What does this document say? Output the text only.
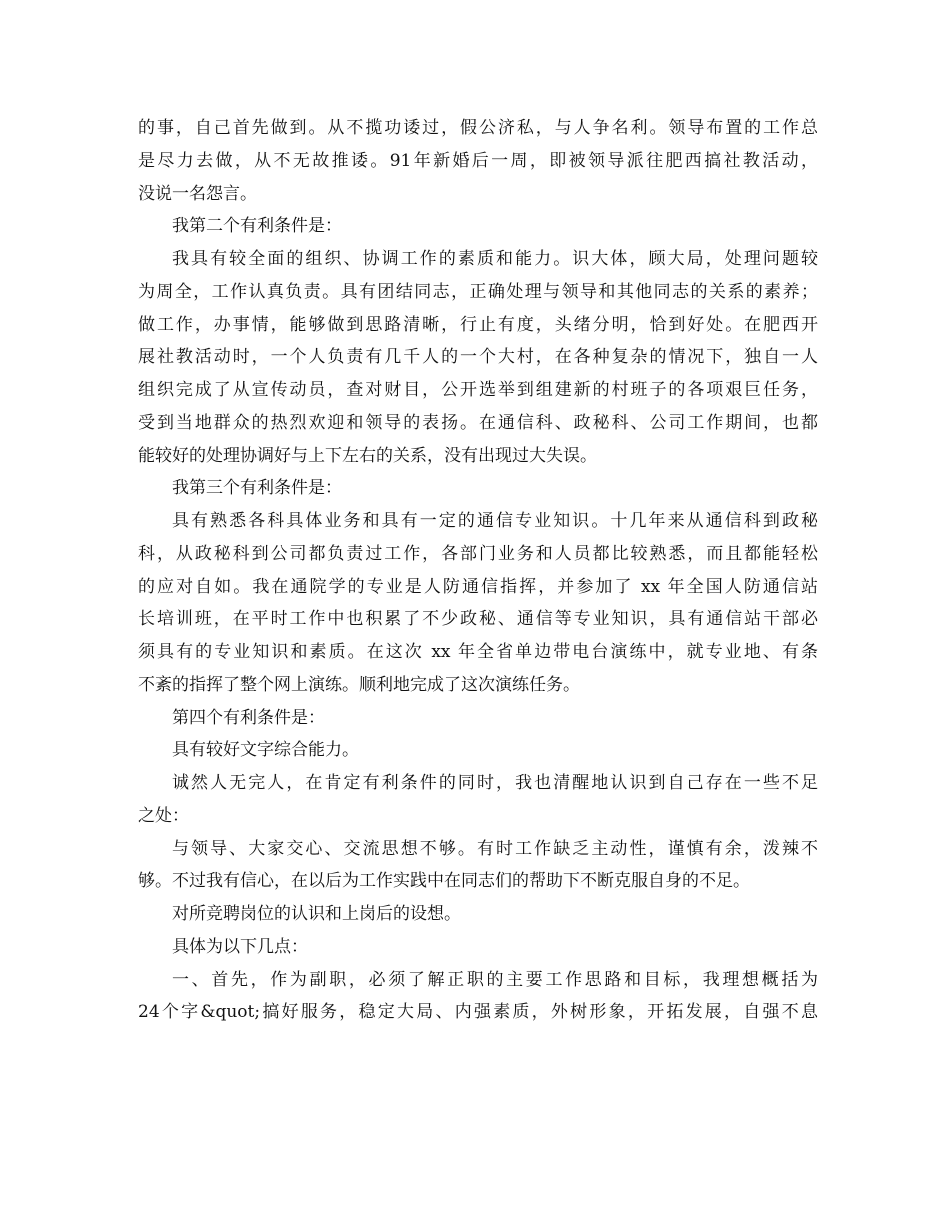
的事，自己首先做到。从不揽功诿过，假公济私，与人争名利。领导布置的工作总
是尽力去做，从不无故推诿。91年新婚后一周，即被领导派往肥西搞社教活动，
没说一名怨言。
我第二个有利条件是：
我具有较全面的组织、协调工作的素质和能力。识大体，顾大局，处理问题较
为周全，工作认真负责。具有团结同志，正确处理与领导和其他同志的关系的素养；
做工作，办事情，能够做到思路清晰，行止有度，头绪分明，恰到好处。在肥西开
展社教活动时，一个人负责有几千人的一个大村，在各种复杂的情况下，独自一人
组织完成了从宣传动员，查对财目，公开选举到组建新的村班子的各项艰巨任务，
受到当地群众的热烈欢迎和领导的表扬。在通信科、政秘科、公司工作期间，也都
能较好的处理协调好与上下左右的关系，没有出现过大失误。
我第三个有利条件是：
具有熟悉各科具体业务和具有一定的通信专业知识。十几年来从通信科到政秘
科，从政秘科到公司都负责过工作，各部门业务和人员都比较熟悉，而且都能轻松
的应对自如。我在通院学的专业是人防通信指挥，并参加了 xx 年全国人防通信站
长培训班，在平时工作中也积累了不少政秘、通信等专业知识，具有通信站干部必
须具有的专业知识和素质。在这次 xx 年全省单边带电台演练中，就专业地、有条
不紊的指挥了整个网上演练。顺利地完成了这次演练任务。
第四个有利条件是：
具有较好文字综合能力。
诚然人无完人，在肯定有利条件的同时，我也清醒地认识到自己存在一些不足
之处：
与领导、大家交心、交流思想不够。有时工作缺乏主动性，谨慎有余，泼辣不
够。不过我有信心，在以后为工作实践中在同志们的帮助下不断克服自身的不足。
对所竞聘岗位的认识和上岗后的设想。
具体为以下几点：
一、首先，作为副职，必须了解正职的主要工作思路和目标，我理想概括为
24个字&quot;搞好服务，稳定大局、内强素质，外树形象，开拓发展，自强不息
